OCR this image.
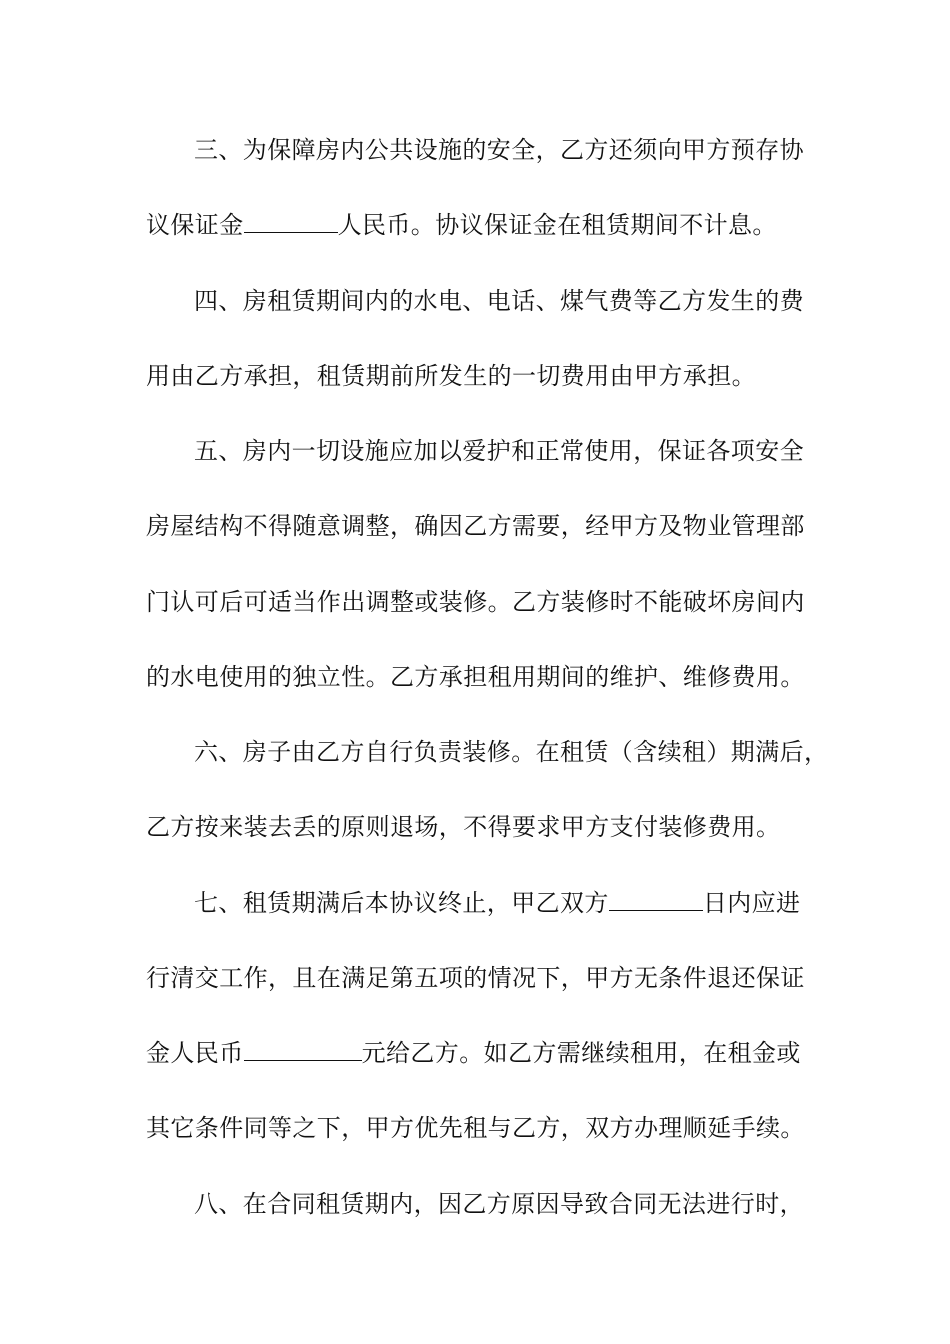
三、为保障房内公共设施的安全，乙方还须向甲方预存协
议保证金	人民币。协议保证金在租赁期间不计息。
四、房租赁期间内的水电、电话、煤气费等乙方发生的费
用由乙方承担，租赁期前所发生的一切费用由甲方承担。
五、房内一切设施应加以爱护和正常使用，保证各项安全
房屋结构不得随意调整，确因乙方需要，经甲方及物业管理部
门认可后可适当作出调整或装修。乙方装修时不能破坏房间内
的水电使用的独立性。乙方承担租用期间的维护、维修费用。
六、房子由乙方自行负责装修。在租赁（含续租）期满后，
乙方按来装去丢的原则退场，不得要求甲方支付装修费用。
七、租赁期满后本协议终止，甲乙双方	日内应进
行清交工作，且在满足第五项的情况下，甲方无条件退还保证
金人民币	元给乙方。如乙方需继续租用，在租金或
其它条件同等之下，甲方优先租与乙方，双方办理顺延手续。
八、在合同租赁期内，因乙方原因导致合同无法进行时，
